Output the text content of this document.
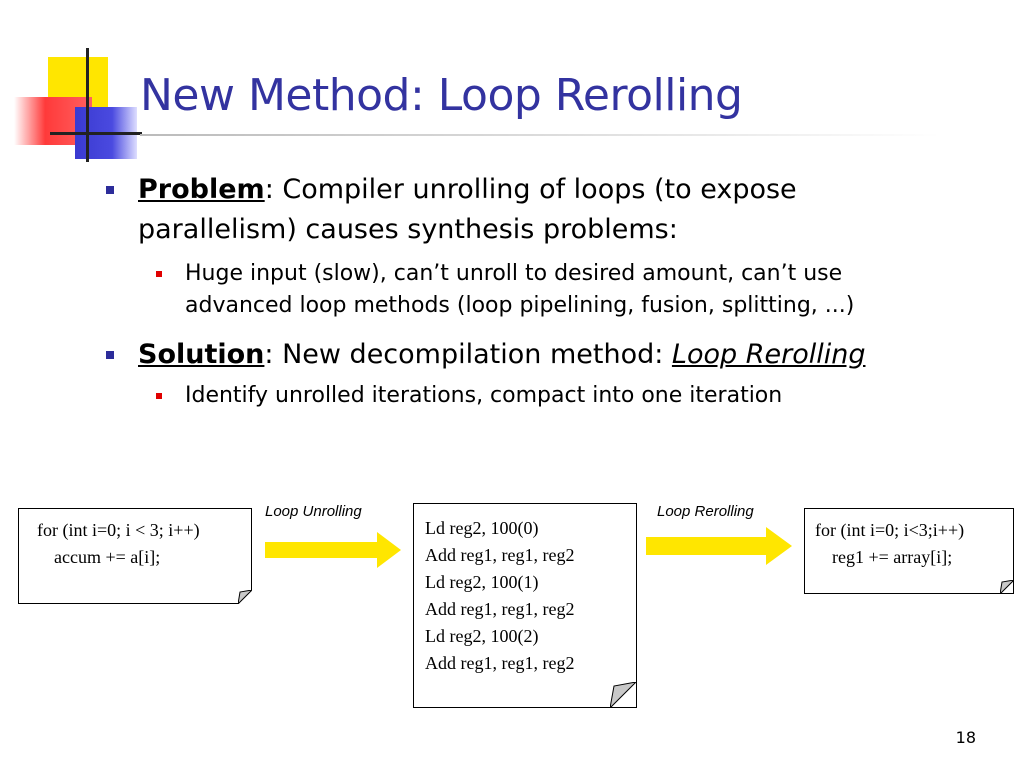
New Method: Loop Rerolling
Problem: Compiler unrolling of loops (to expose
parallelism) causes synthesis problems:
Huge input (slow), can’t unroll to desired amount, can’t use
advanced loop methods (loop pipelining, fusion, splitting, ...)
Solution: New decompilation method: Loop Rerolling
Identify unrolled iterations, compact into one iteration
for (int i=0; i < 3; i++)
accum += a[i];
Loop Unrolling
Ld reg2, 100(0)
Add reg1, reg1, reg2
Ld reg2, 100(1)
Add reg1, reg1, reg2
Ld reg2, 100(2)
Add reg1, reg1, reg2
Loop Rerolling
for (int i=0; i<3;i++)
reg1 += array[i];
18
